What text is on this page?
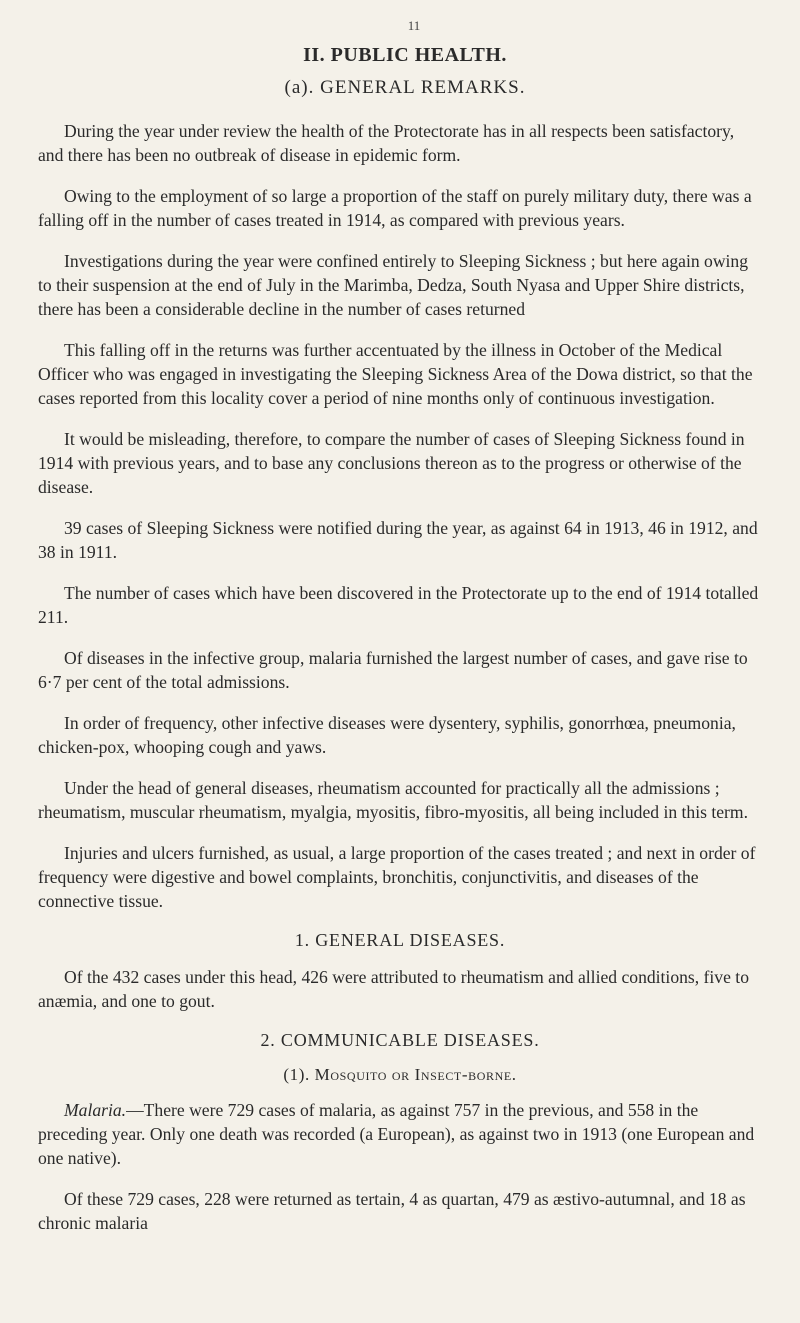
11
II. PUBLIC HEALTH.
(a). GENERAL REMARKS.

During the year under review the health of the Protectorate has in all respects been satisfactory, and there has been no outbreak of disease in epidemic form.

Owing to the employment of so large a proportion of the staff on purely military duty, there was a falling off in the number of cases treated in 1914, as compared with previous years.

Investigations during the year were confined entirely to Sleeping Sickness ; but here again owing to their suspension at the end of July in the Marimba, Dedza, South Nyasa and Upper Shire districts, there has been a considerable decline in the number of cases returned

This falling off in the returns was further accentuated by the illness in October of the Medical Officer who was engaged in investigating the Sleeping Sickness Area of the Dowa district, so that the cases reported from this locality cover a period of nine months only of continuous investigation.

It would be misleading, therefore, to compare the number of cases of Sleeping Sickness found in 1914 with previous years, and to base any conclusions thereon as to the progress or otherwise of the disease.

39 cases of Sleeping Sickness were notified during the year, as against 64 in 1913, 46 in 1912, and 38 in 1911.

The number of cases which have been discovered in the Protectorate up to the end of 1914 totalled 211.

Of diseases in the infective group, malaria furnished the largest number of cases, and gave rise to 6·7 per cent of the total admissions.

In order of frequency, other infective diseases were dysentery, syphilis, gonorrhœa, pneumonia, chicken-pox, whooping cough and yaws.

Under the head of general diseases, rheumatism accounted for practically all the admissions ; rheumatism, muscular rheumatism, myalgia, myositis, fibro-myositis, all being included in this term.

Injuries and ulcers furnished, as usual, a large proportion of the cases treated ; and next in order of frequency were digestive and bowel complaints, bronchitis, conjunctivitis, and diseases of the connective tissue.

1. GENERAL DISEASES.

Of the 432 cases under this head, 426 were attributed to rheumatism and allied conditions, five to anæmia, and one to gout.

2. COMMUNICABLE DISEASES.
(1). Mosquito or Insect-borne.

Malaria.—There were 729 cases of malaria, as against 757 in the previous, and 558 in the preceding year. Only one death was recorded (a European), as against two in 1913 (one European and one native).

Of these 729 cases, 228 were returned as tertain, 4 as quartan, 479 as æstivo-autumnal, and 18 as chronic malaria
